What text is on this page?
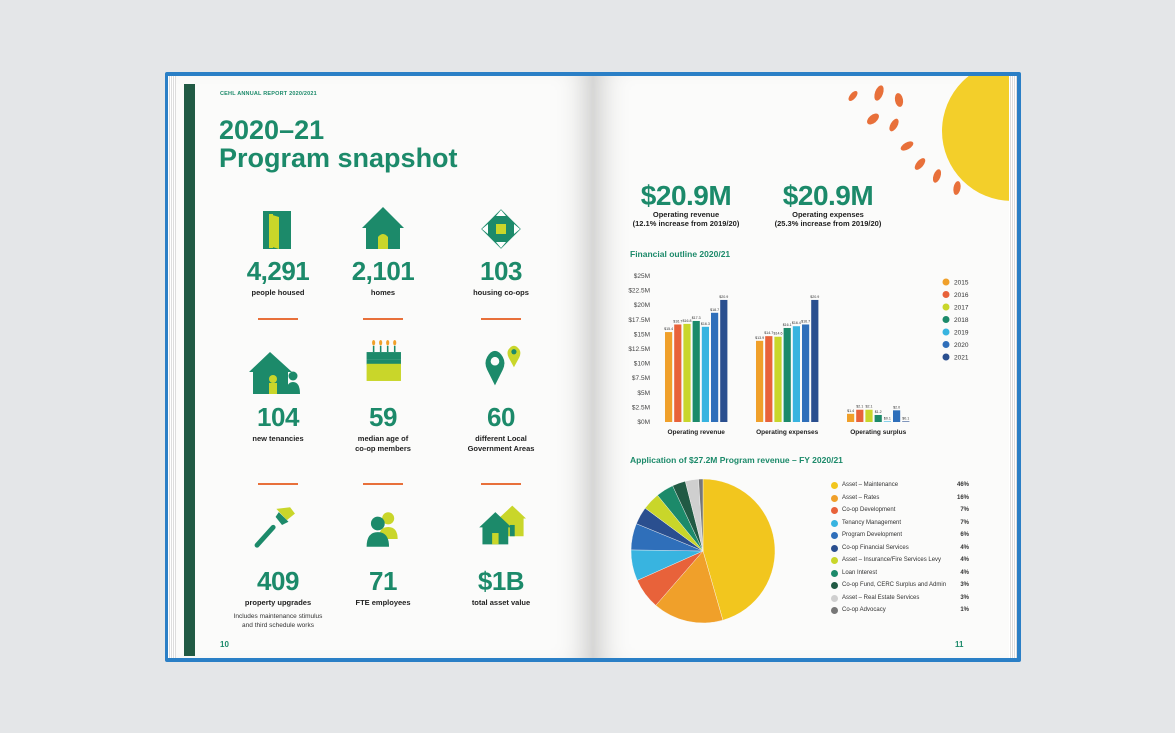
CEHL ANNUAL REPORT 2020/2021
2020–21
Program snapshot
4,291
people housed
2,101
homes
103
housing co-ops
104
new tenancies
59
median age of
co-op members
60
different Local
Government Areas
409
property upgrades
Includes maintenance stimulus
and third schedule works
71
FTE employees
$1B
total asset value
10
$20.9M
Operating revenue
(12.1% increase from 2019/20)
$20.9M
Operating expenses
(25.3% increase from 2019/20)
Financial outline 2020/21
$0M
$2.5M
$5M
$7.5M
$10M
$12.5M
$15M
$17.5M
$20M
$22.5M
$25M
$15.4
$16.7 $16.8
$17.3
$16.3
$18.7
$20.9
Operating revenue
$13.9
$14.7 $14.6
$16.1 $16.4 $16.7
$20.9
Operating expenses
$1.4
$2.1 $2.1
$1.2
$0.1
$2.0
$0.1
Operating surplus
2015
2016
2017
2018
2019
2020
2021
Application of $27.2M Program revenue – FY 2020/21
Asset – Maintenance	46%
Asset – Rates	16%
Co-op Development	7%
Tenancy Management	7%
Program Development	6%
Co-op Financial Services	4%
Asset – Insurance/Fire Services Levy	4%
Loan Interest	4%
Co-op Fund, CERC Surplus and Admin 3%
Asset – Real Estate Services	3%
Co-op Advocacy	1%
11
